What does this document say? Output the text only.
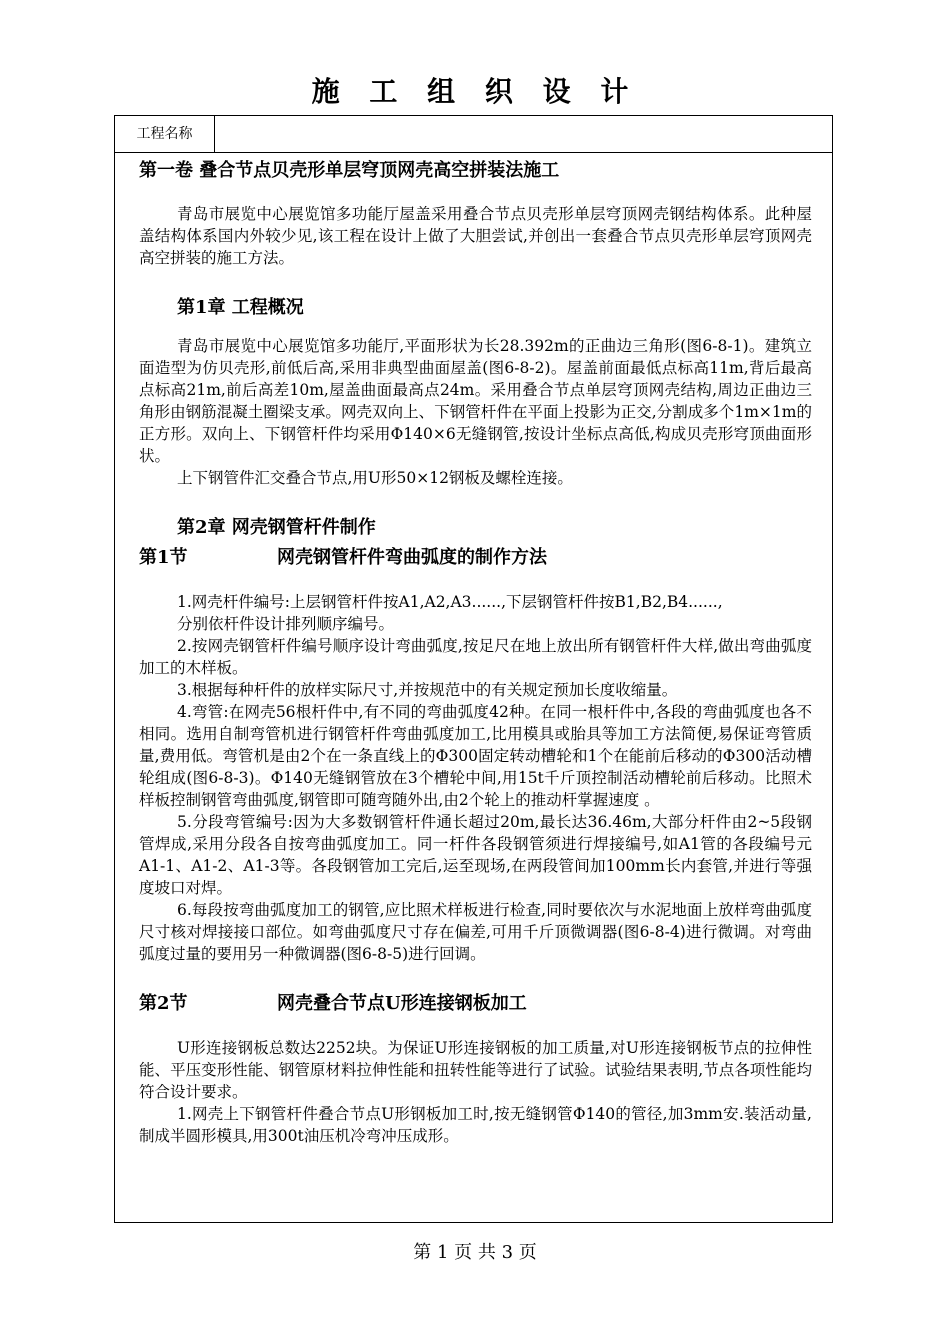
施 工 组 织 设 计
工程名称
第一卷 叠合节点贝壳形单层穹顶网壳高空拼装法施工

青岛市展览中心展览馆多功能厅屋盖采用叠合节点贝壳形单层穹顶网壳钢结构体系。此种屋盖结构体系国内外较少见,该工程在设计上做了大胆尝试,并创出一套叠合节点贝壳形单层穹顶网壳高空拼装的施工方法。

第1章 工程概况

青岛市展览中心展览馆多功能厅,平面形状为长28.392m的正曲边三角形(图6-8-1)。建筑立面造型为仿贝壳形,前低后高,采用非典型曲面屋盖(图6-8-2)。屋盖前面最低点标高11m,背后最高点标高21m,前后高差10m,屋盖曲面最高点24m。采用叠合节点单层穹顶网壳结构,周边正曲边三角形由钢筋混凝土圈梁支承。网壳双向上、下钢管杆件在平面上投影为正交,分割成多个1m×1m的正方形。双向上、下钢管杆件均采用Φ140×6无缝钢管,按设计坐标点高低,构成贝壳形穹顶曲面形状。

上下钢管件汇交叠合节点,用U形50×12钢板及螺栓连接。

第2章 网壳钢管杆件制作
第1节	网壳钢管杆件弯曲弧度的制作方法

1.网壳杆件编号:上层钢管杆件按A1,A2,A3......,下层钢管杆件按B1,B2,B4......,

分别依杆件设计排列顺序编号。

2.按网壳钢管杆件编号顺序设计弯曲弧度,按足尺在地上放出所有钢管杆件大样,做出弯曲弧度加工的木样板。

3.根据每种杆件的放样实际尺寸,并按规范中的有关规定预加长度收缩量。

4.弯管:在网壳56根杆件中,有不同的弯曲弧度42种。在同一根杆件中,各段的弯曲弧度也各不相同。选用自制弯管机进行钢管杆件弯曲弧度加工,比用模具或胎具等加工方法简便,易保证弯管质量,费用低。弯管机是由2个在一条直线上的Φ300固定转动槽轮和1个在能前后移动的Φ300活动槽轮组成(图6-8-3)。Φ140无缝钢管放在3个槽轮中间,用15t千斤顶控制活动槽轮前后移动。比照术样板控制钢管弯曲弧度,钢管即可随弯随外出,由2个轮上的推动杆掌握速度 。

5.分段弯管编号:因为大多数钢管杆件通长超过20m,最长达36.46m,大部分杆件由2~5段钢管焊成,采用分段各自按弯曲弧度加工。同一杆件各段钢管须进行焊接编号,如A1管的各段编号元A1-1、A1-2、A1-3等。各段钢管加工完后,运至现场,在两段管间加100mm长内套管,并进行等强度坡口对焊。

6.每段按弯曲弧度加工的钢管,应比照术样板进行检查,同时要依次与水泥地面上放样弯曲弧度尺寸核对焊接接口部位。如弯曲弧度尺寸存在偏差,可用千斤顶微调器(图6-8-4)进行微调。对弯曲弧度过量的要用另一种微调器(图6-8-5)进行回调。

第2节	网壳叠合节点U形连接钢板加工

U形连接钢板总数达2252块。为保证U形连接钢板的加工质量,对U形连接钢板节点的拉伸性能、平压变形性能、钢管原材料拉伸性能和扭转性能等进行了试验。试验结果表明,节点各项性能均符合设计要求。

1.网壳上下钢管杆件叠合节点U形钢板加工时,按无缝钢管Φ140的管径,加3mm安.装活动量,制成半圆形模具,用300t油压机冷弯冲压成形。

第 1 页 共 3 页
